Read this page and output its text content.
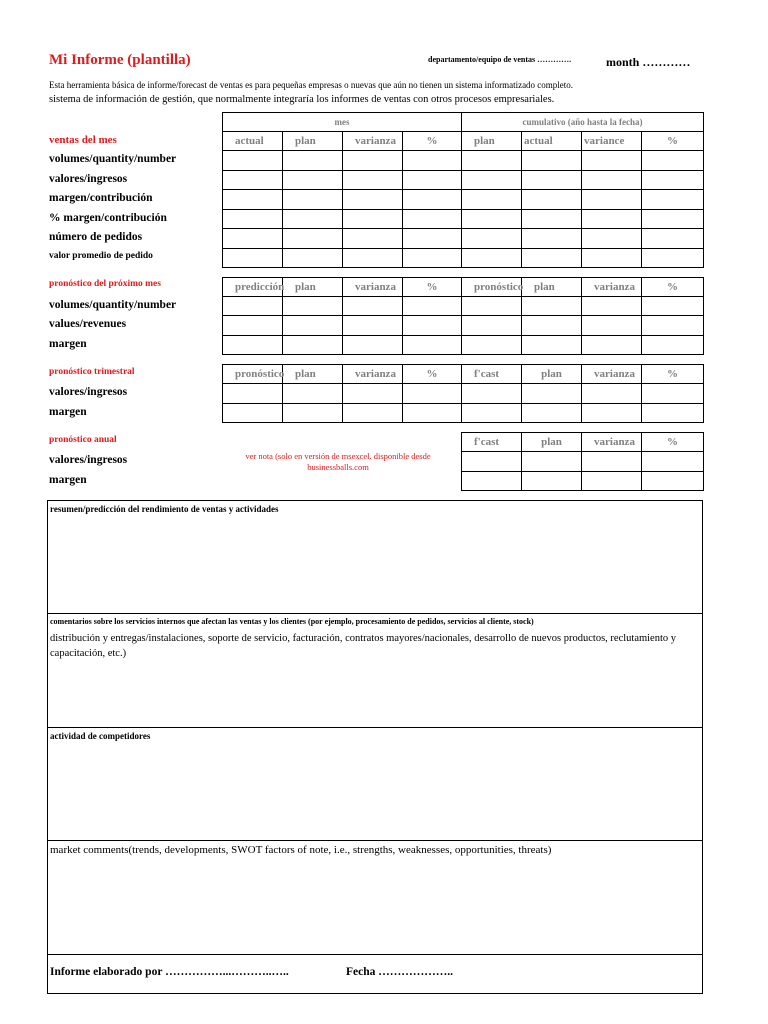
Mi Informe (plantilla)	departamento/equipo de ventas ………….	month …………
Esta herramienta básica de informe/forecast de ventas es para pequeñas empresas o nuevas que aún no tienen un sistema informatizado completo.
sistema de información de gestión, que normalmente integraría los informes de ventas con otros procesos empresariales.
ventas del mes
volumes/quantity/number
valores/ingresos
margen/contribución
% margen/contribución
número de pedidos
valor promedio de pedido
mes				cumulativo (año hasta la fecha)			
actual	plan	varianza	%	plan	actual	variance	%

pronóstico del próximo mes
volumes/quantity/number
values/revenues
margen
predicción	plan	varianza	%	pronóstico	plan	varianza	%

pronóstico trimestral
valores/ingresos
margen
pronóstico	plan	varianza	%	f'cast	plan	varianza	%

pronóstico anual
valores/ingresos
margen
ver nota (solo en versión de msexcel. disponible desde businessballs.com
f'cast	plan	varianza	%

resumen/predicción del rendimiento de ventas y actividades
comentarios sobre los servicios internos que afectan las ventas y los clientes (por ejemplo, procesamiento de pedidos, servicios al cliente, stock)
distribución y entregas/instalaciones, soporte de servicio, facturación, contratos mayores/nacionales, desarrollo de nuevos productos, reclutamiento y capacitación, etc.)
actividad de competidores
market comments(trends, developments, SWOT factors of note, i.e., strengths, weaknesses, opportunities, threats)
Informe elaborado por ……………...………..…..	Fecha ………………..
